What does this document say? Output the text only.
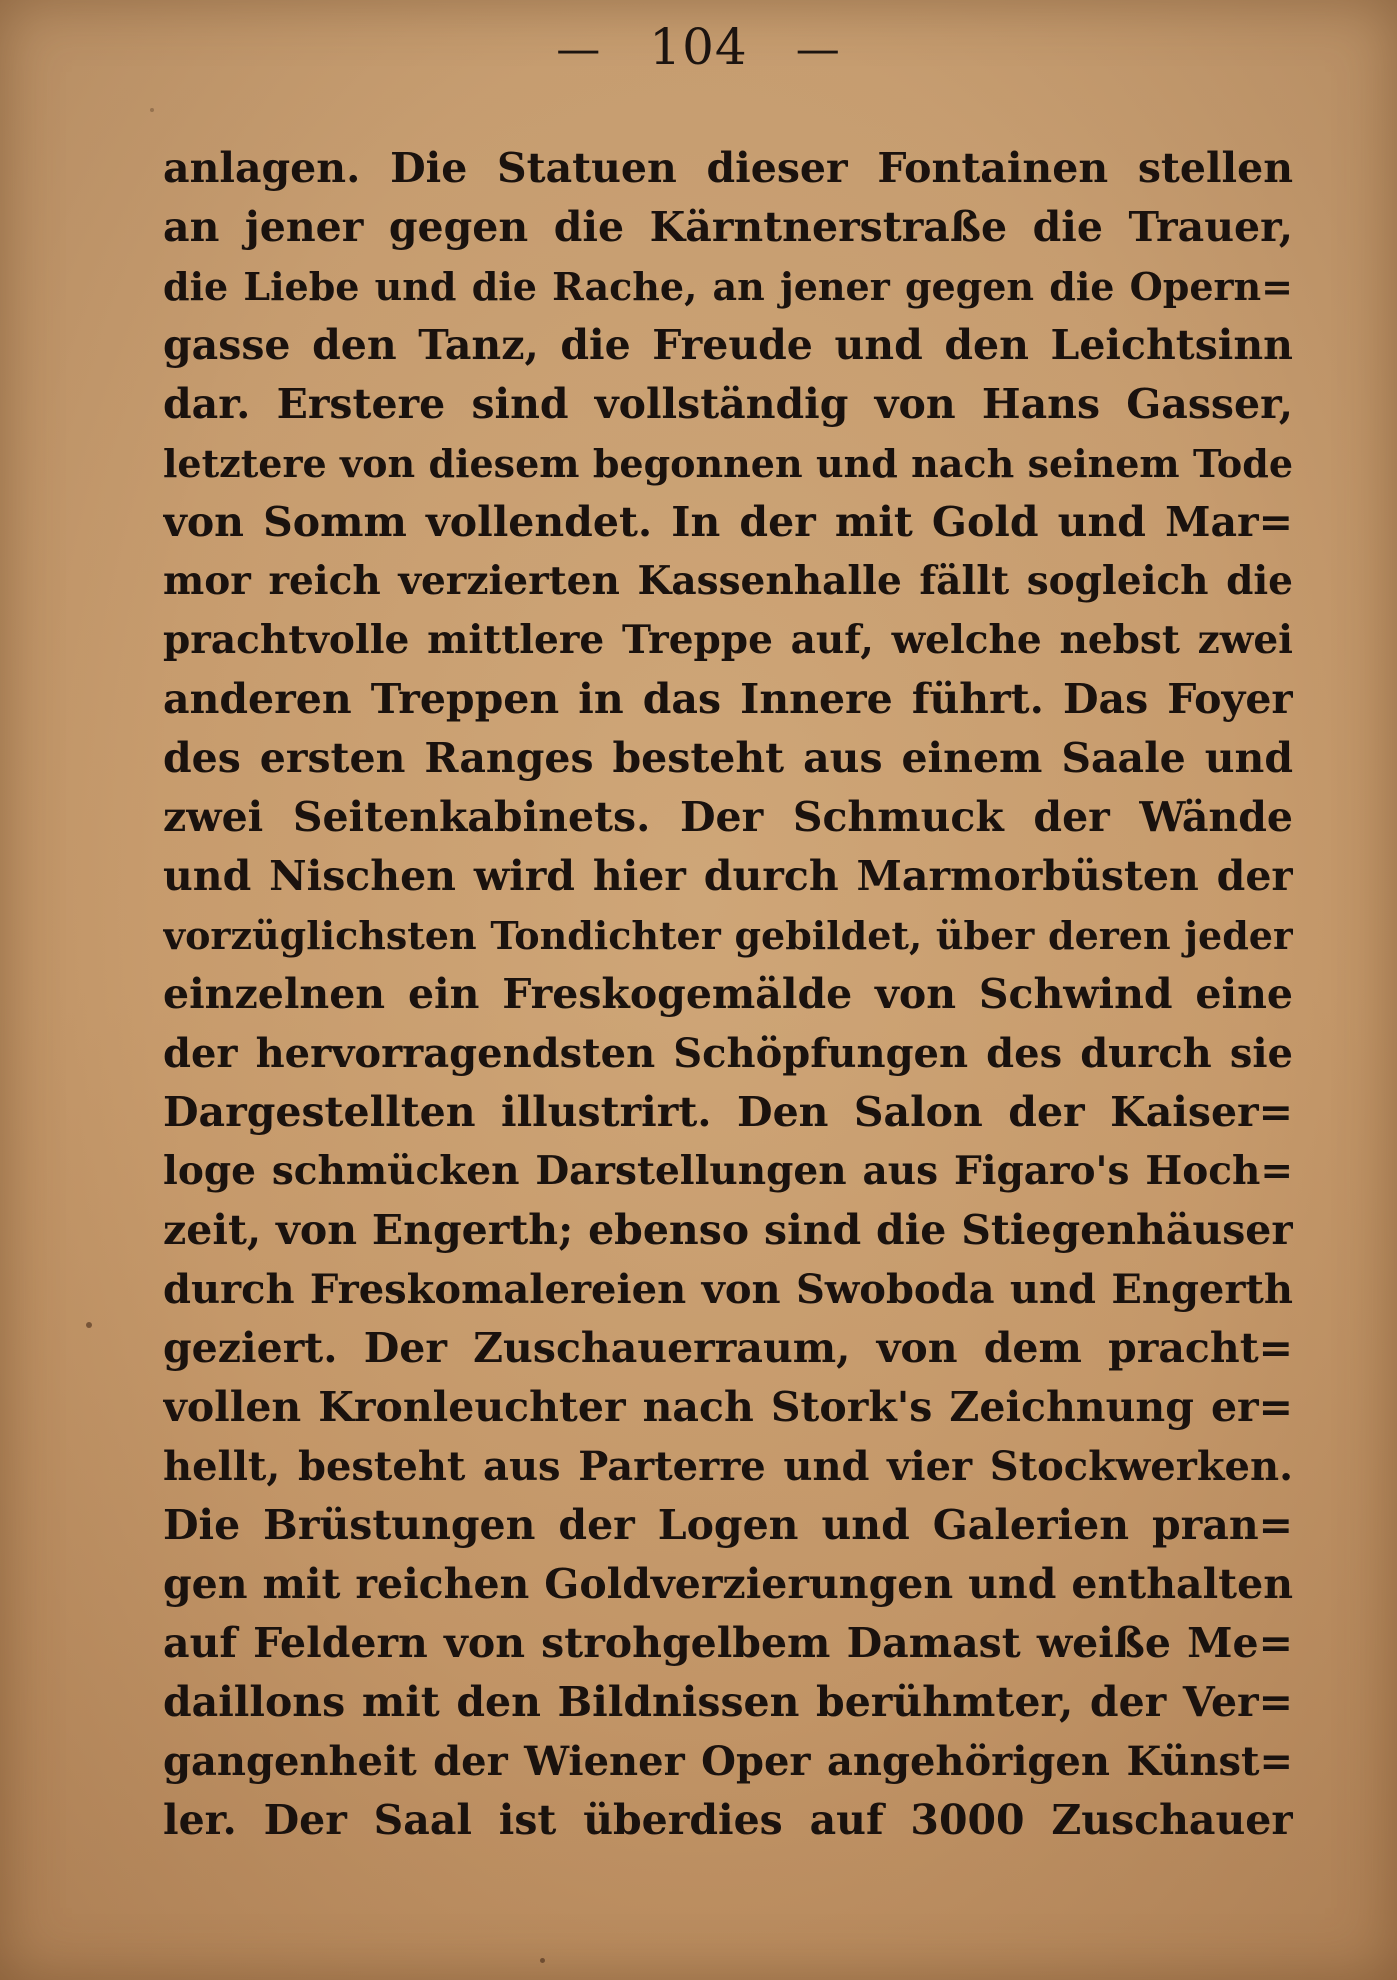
— 104 —
anlagen. Die Statuen dieser Fontainen stellen
an jener gegen die Kärntnerstraße die Trauer,
die Liebe und die Rache, an jener gegen die Opern=
gasse den Tanz, die Freude und den Leichtsinn
dar. Erstere sind vollständig von Hans Gasser,
letztere von diesem begonnen und nach seinem Tode
von Somm vollendet. In der mit Gold und Mar=
mor reich verzierten Kassenhalle fällt sogleich die
prachtvolle mittlere Treppe auf, welche nebst zwei
anderen Treppen in das Innere führt. Das Foyer
des ersten Ranges besteht aus einem Saale und
zwei Seitenkabinets. Der Schmuck der Wände
und Nischen wird hier durch Marmorbüsten der
vorzüglichsten Tondichter gebildet, über deren jeder
einzelnen ein Freskogemälde von Schwind eine
der hervorragendsten Schöpfungen des durch sie
Dargestellten illustrirt. Den Salon der Kaiser=
loge schmücken Darstellungen aus Figaro's Hoch=
zeit, von Engerth; ebenso sind die Stiegenhäuser
durch Freskomalereien von Swoboda und Engerth
geziert. Der Zuschauerraum, von dem pracht=
vollen Kronleuchter nach Stork's Zeichnung er=
hellt, besteht aus Parterre und vier Stockwerken.
Die Brüstungen der Logen und Galerien pran=
gen mit reichen Goldverzierungen und enthalten
auf Feldern von strohgelbem Damast weiße Me=
daillons mit den Bildnissen berühmter, der Ver=
gangenheit der Wiener Oper angehörigen Künst=
ler. Der Saal ist überdies auf 3000 Zuschauer
